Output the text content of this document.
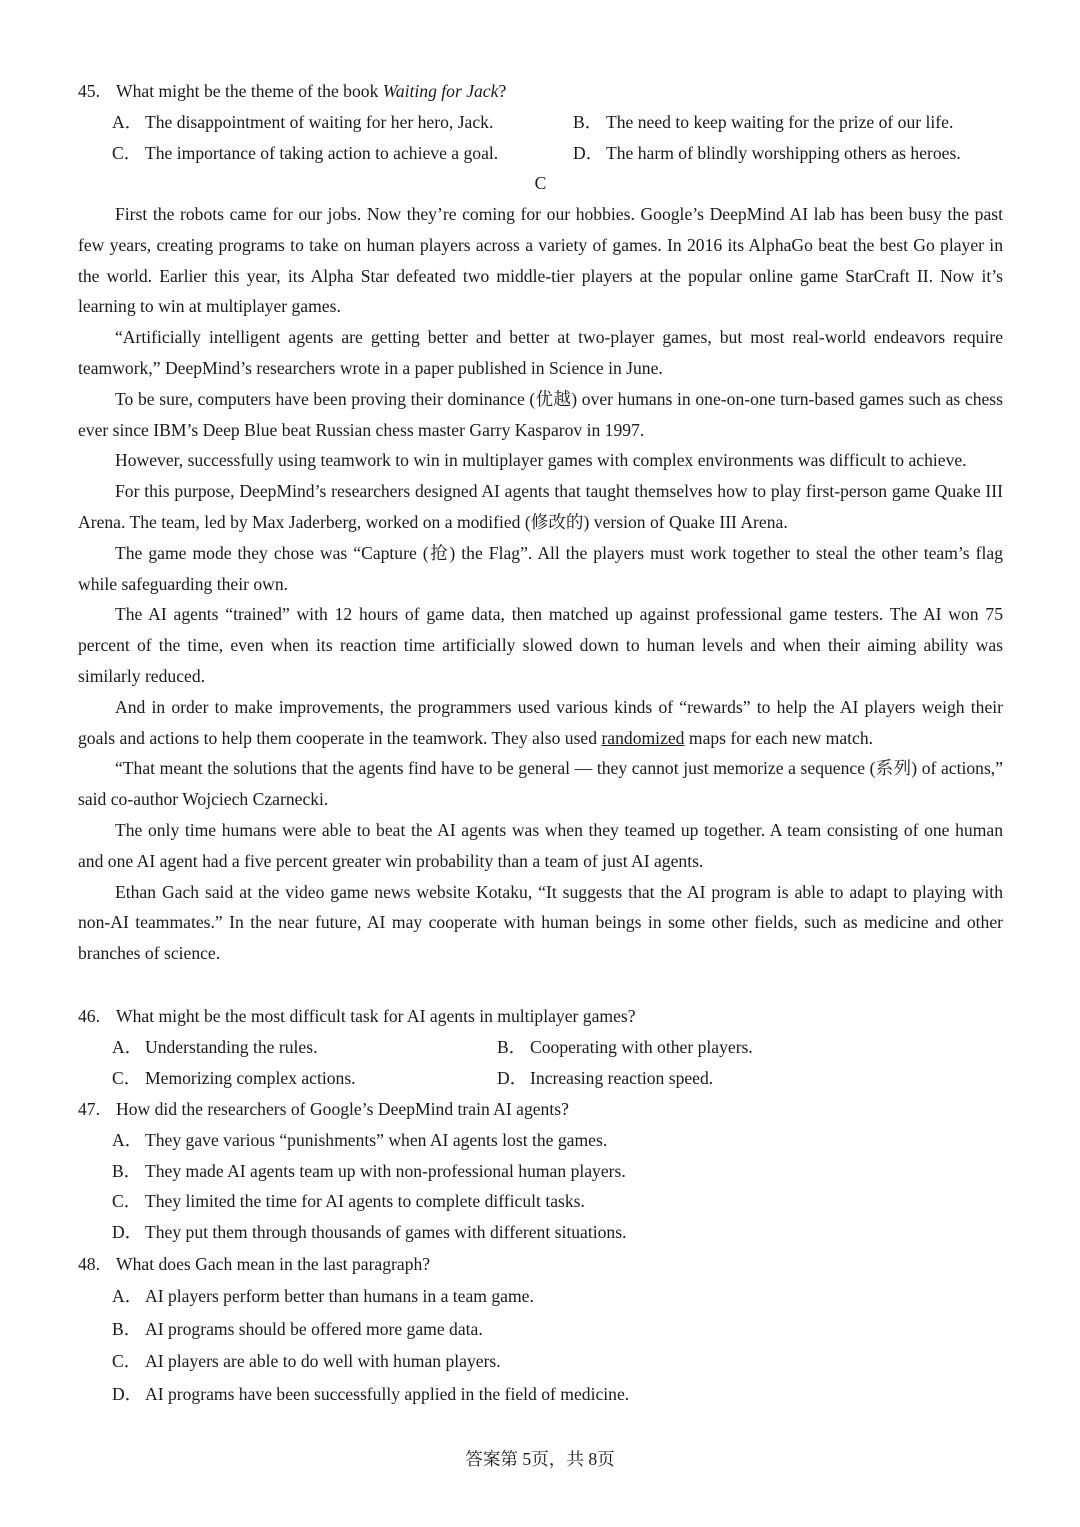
45. What might be the theme of the book Waiting for Jack?
A． The disappointment of waiting for her hero, Jack.	B． The need to keep waiting for the prize of our life.
C． The importance of taking action to achieve a goal.	D． The harm of blindly worshipping others as heroes.
C

First the robots came for our jobs. Now they’re coming for our hobbies. Google’s DeepMind AI lab has been busy the past few years, creating programs to take on human players across a variety of games. In 2016 its AlphaGo beat the best Go player in the world. Earlier this year, its Alpha Star defeated two middle-tier players at the popular online game StarCraft II. Now it’s learning to win at multiplayer games.

“Artificially intelligent agents are getting better and better at two-player games, but most real-world endeavors require teamwork,” DeepMind’s researchers wrote in a paper published in Science in June.

To be sure, computers have been proving their dominance (优越) over humans in one-on-one turn-based games such as chess ever since IBM’s Deep Blue beat Russian chess master Garry Kasparov in 1997.

However, successfully using teamwork to win in multiplayer games with complex environments was difficult to achieve.

For this purpose, DeepMind’s researchers designed AI agents that taught themselves how to play first-person game Quake III Arena. The team, led by Max Jaderberg, worked on a modified (修改的) version of Quake III Arena.

The game mode they chose was “Capture (抢) the Flag”. All the players must work together to steal the other team’s flag while safeguarding their own.

The AI agents “trained” with 12 hours of game data, then matched up against professional game testers. The AI won 75 percent of the time, even when its reaction time artificially slowed down to human levels and when their aiming ability was similarly reduced.

And in order to make improvements, the programmers used various kinds of “rewards” to help the AI players weigh their goals and actions to help them cooperate in the teamwork. They also used randomized maps for each new match.

“That meant the solutions that the agents find have to be general — they cannot just memorize a sequence (系列) of actions,” said co-author Wojciech Czarnecki.

The only time humans were able to beat the AI agents was when they teamed up together. A team consisting of one human and one AI agent had a five percent greater win probability than a team of just AI agents.

Ethan Gach said at the video game news website Kotaku, “It suggests that the AI program is able to adapt to playing with non-AI teammates.” In the near future, AI may cooperate with human beings in some other fields, such as medicine and other branches of science.

46. What might be the most difficult task for AI agents in multiplayer games?
A． Understanding the rules.	B． Cooperating with other players.
C． Memorizing complex actions.	D． Increasing reaction speed.
47. How did the researchers of Google’s DeepMind train AI agents?
A． They gave various “punishments” when AI agents lost the games.
B． They made AI agents team up with non-professional human players.
C． They limited the time for AI agents to complete difficult tasks.
D． They put them through thousands of games with different situations.
48. What does Gach mean in the last paragraph?
A． AI players perform better than humans in a team game.
B． AI programs should be offered more game data.
C． AI players are able to do well with human players.
D． AI programs have been successfully applied in the field of medicine.
答案第 5页，共 8页
